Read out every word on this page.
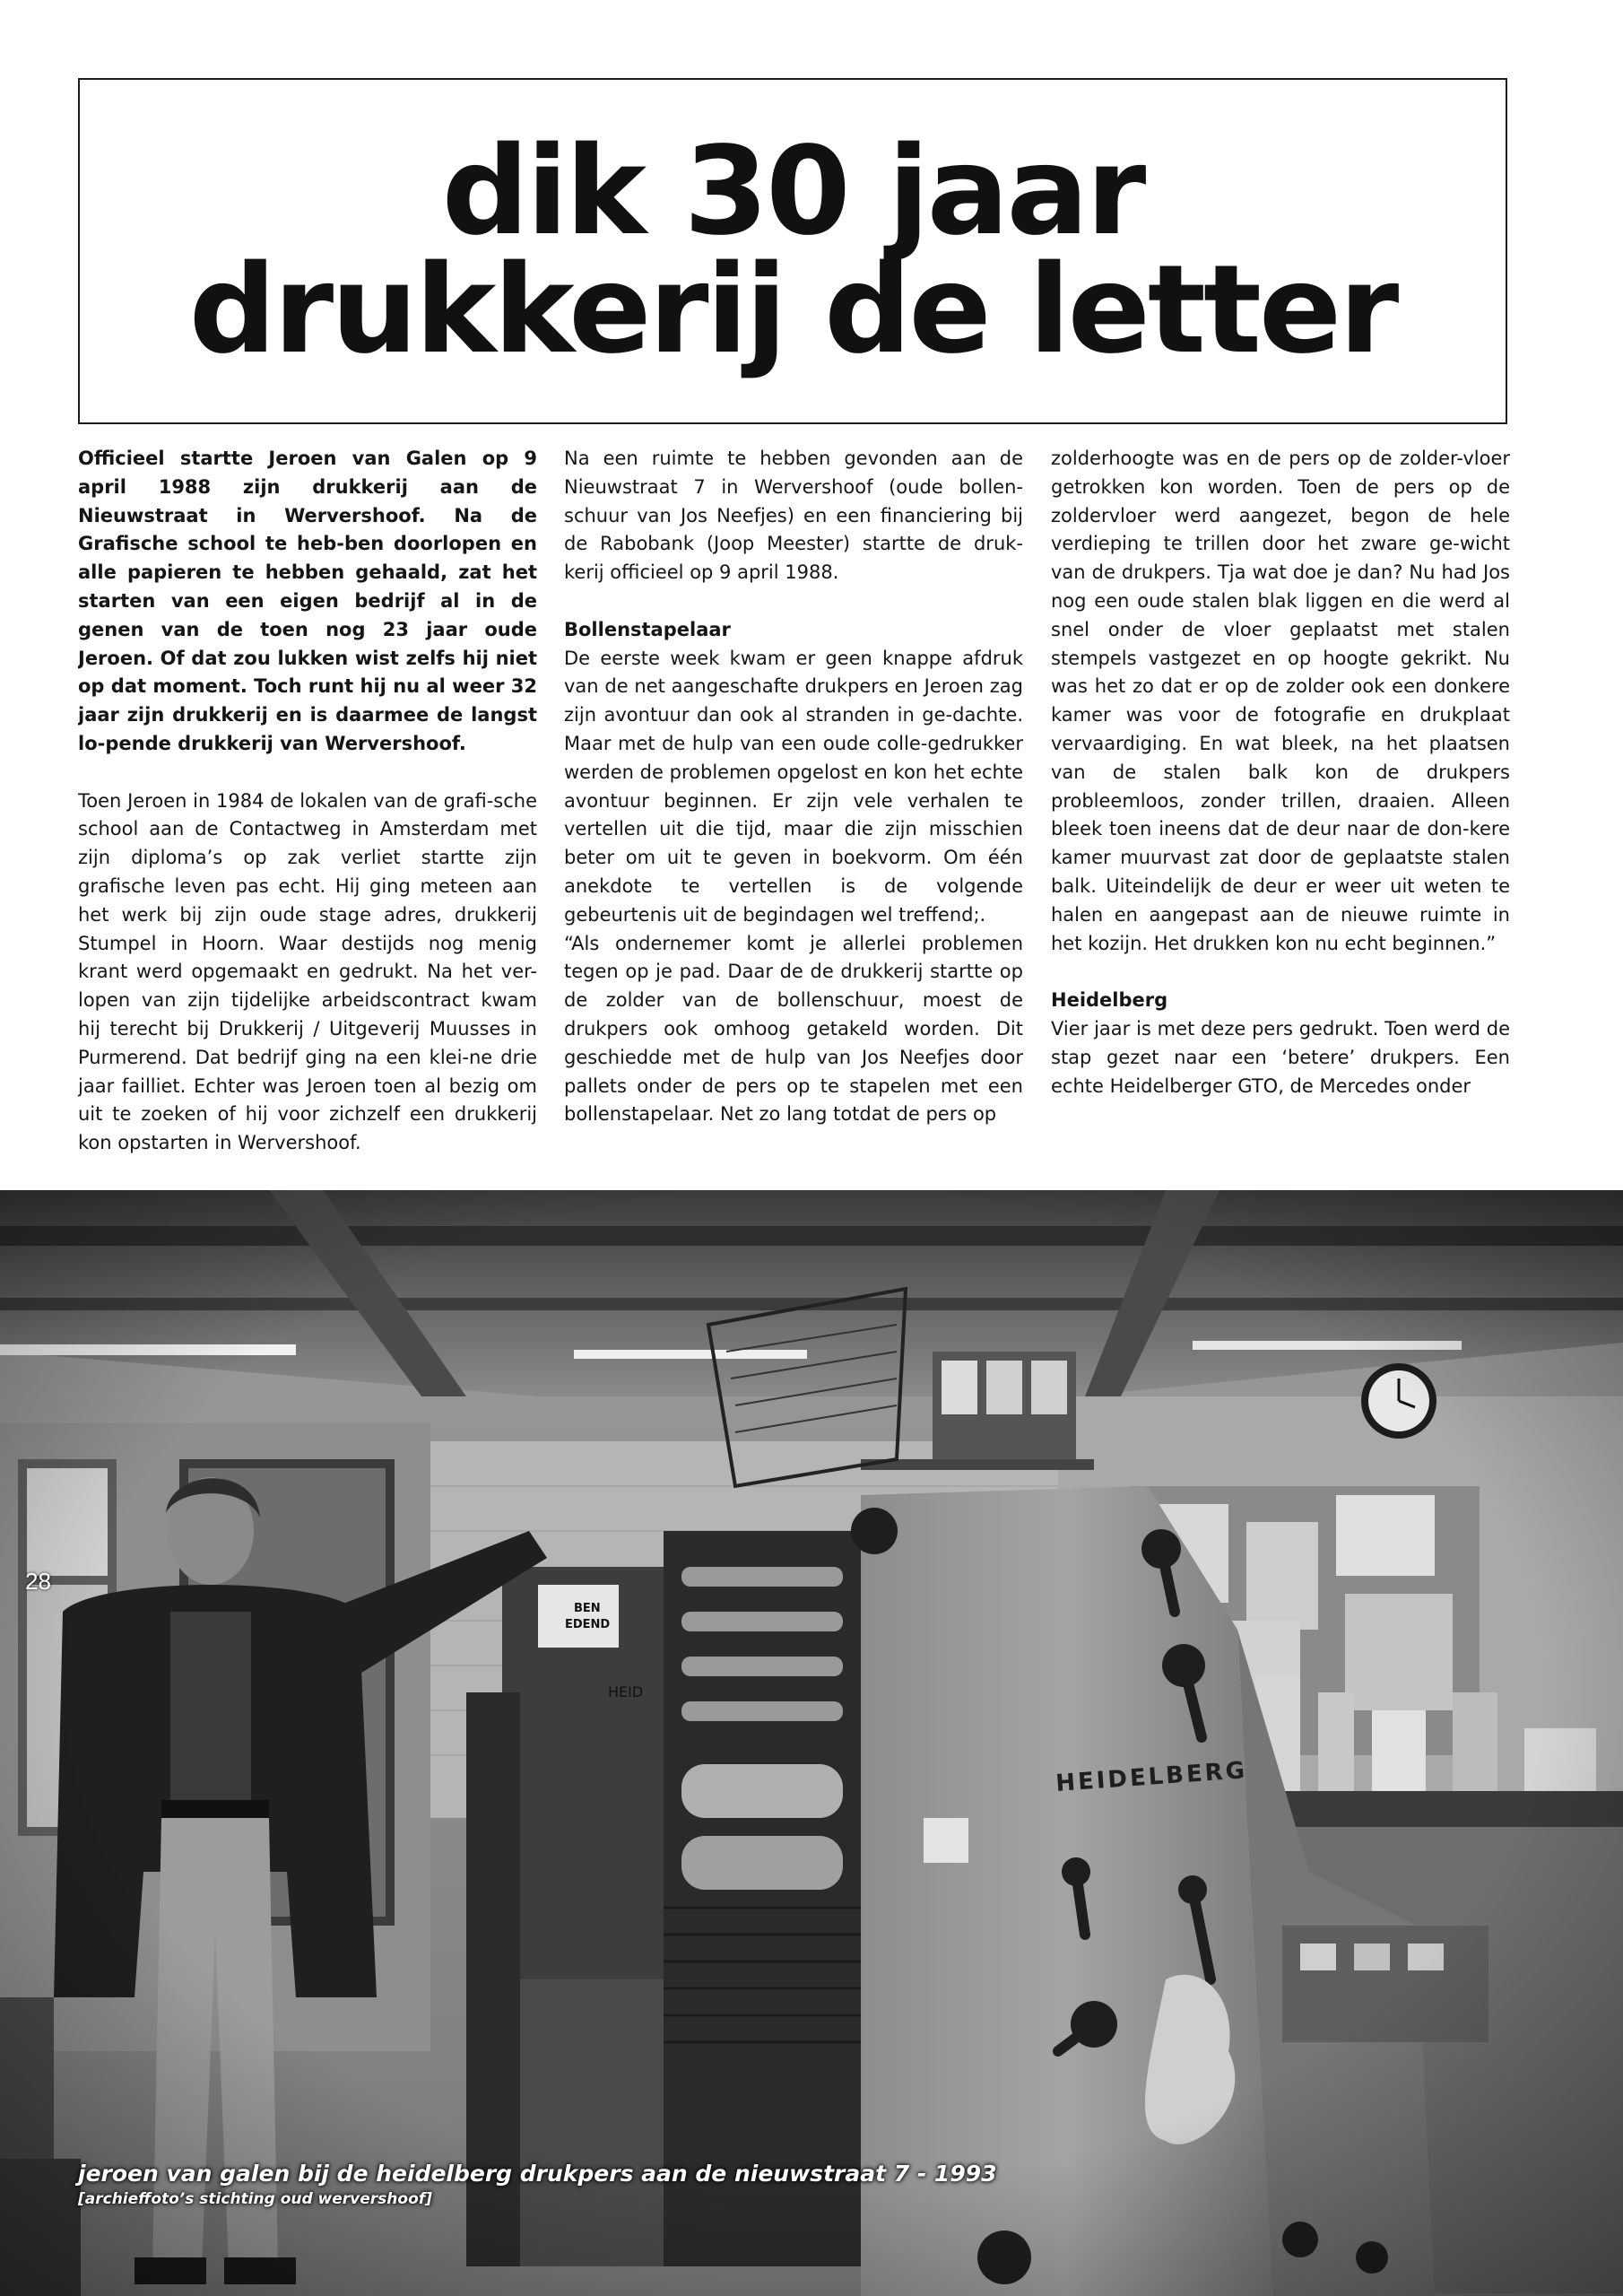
dik 30 jaar
drukkerij de letter

Officieel startte Jeroen van Galen op 9 april 1988 zijn drukkerij aan de Nieuwstraat in Wervershoof. Na de Grafische school te heb-ben doorlopen en alle papieren te hebben gehaald, zat het starten van een eigen bedrijf al in de genen van de toen nog 23 jaar oude Jeroen. Of dat zou lukken wist zelfs hij niet op dat moment. Toch runt hij nu al weer 32 jaar zijn drukkerij en is daarmee de langst lo-pende drukkerij van Wervershoof.

Toen Jeroen in 1984 de lokalen van de grafi-sche school aan de Contactweg in Amsterdam met zijn diploma’s op zak verliet startte zijn grafische leven pas echt. Hij ging meteen aan het werk bij zijn oude stage adres, drukkerij Stumpel in Hoorn. Waar destijds nog menig krant werd opgemaakt en gedrukt. Na het ver-lopen van zijn tijdelijke arbeidscontract kwam hij terecht bij Drukkerij / Uitgeverij Muusses in Purmerend. Dat bedrijf ging na een klei-ne drie jaar failliet. Echter was Jeroen toen al bezig om uit te zoeken of hij voor zichzelf een drukkerij kon opstarten in Wervershoof.

Na een ruimte te hebben gevonden aan de Nieuwstraat 7 in Wervershoof (oude bollen-schuur van Jos Neefjes) en een financiering bij de Rabobank (Joop Meester) startte de druk-kerij officieel op 9 april 1988.

Bollenstapelaar

De eerste week kwam er geen knappe afdruk van de net aangeschafte drukpers en Jeroen zag zijn avontuur dan ook al stranden in ge-dachte. Maar met de hulp van een oude colle-gedrukker werden de problemen opgelost en kon het echte avontuur beginnen. Er zijn vele verhalen te vertellen uit die tijd, maar die zijn misschien beter om uit te geven in boekvorm. Om één anekdote te vertellen is de volgende gebeurtenis uit de begindagen wel treffend;.

“Als ondernemer komt je allerlei problemen tegen op je pad. Daar de de drukkerij startte op de zolder van de bollenschuur, moest de drukpers ook omhoog getakeld worden. Dit geschiedde met de hulp van Jos Neefjes door pallets onder de pers op te stapelen met een bollenstapelaar. Net zo lang totdat de pers op

zolderhoogte was en de pers op de zolder-vloer getrokken kon worden. Toen de pers op de zoldervloer werd aangezet, begon de hele verdieping te trillen door het zware ge-wicht van de drukpers. Tja wat doe je dan? Nu had Jos nog een oude stalen blak liggen en die werd al snel onder de vloer geplaatst met stalen stempels vastgezet en op hoogte gekrikt. Nu was het zo dat er op de zolder ook een donkere kamer was voor de fotografie en drukplaat vervaardiging. En wat bleek, na het plaatsen van de stalen balk kon de drukpers probleemloos, zonder trillen, draaien. Alleen bleek toen ineens dat de deur naar de don-kere kamer muurvast zat door de geplaatste stalen balk. Uiteindelijk de deur er weer uit weten te halen en aangepast aan de nieuwe ruimte in het kozijn. Het drukken kon nu echt beginnen.”

Heidelberg

Vier jaar is met deze pers gedrukt. Toen werd de stap gezet naar een ‘betere’ drukpers. Een echte Heidelberger GTO, de Mercedes onder

28
jeroen van galen bij de heidelberg drukpers aan de nieuwstraat 7 - 1993
[archieffoto’s stichting oud wervershoof]
